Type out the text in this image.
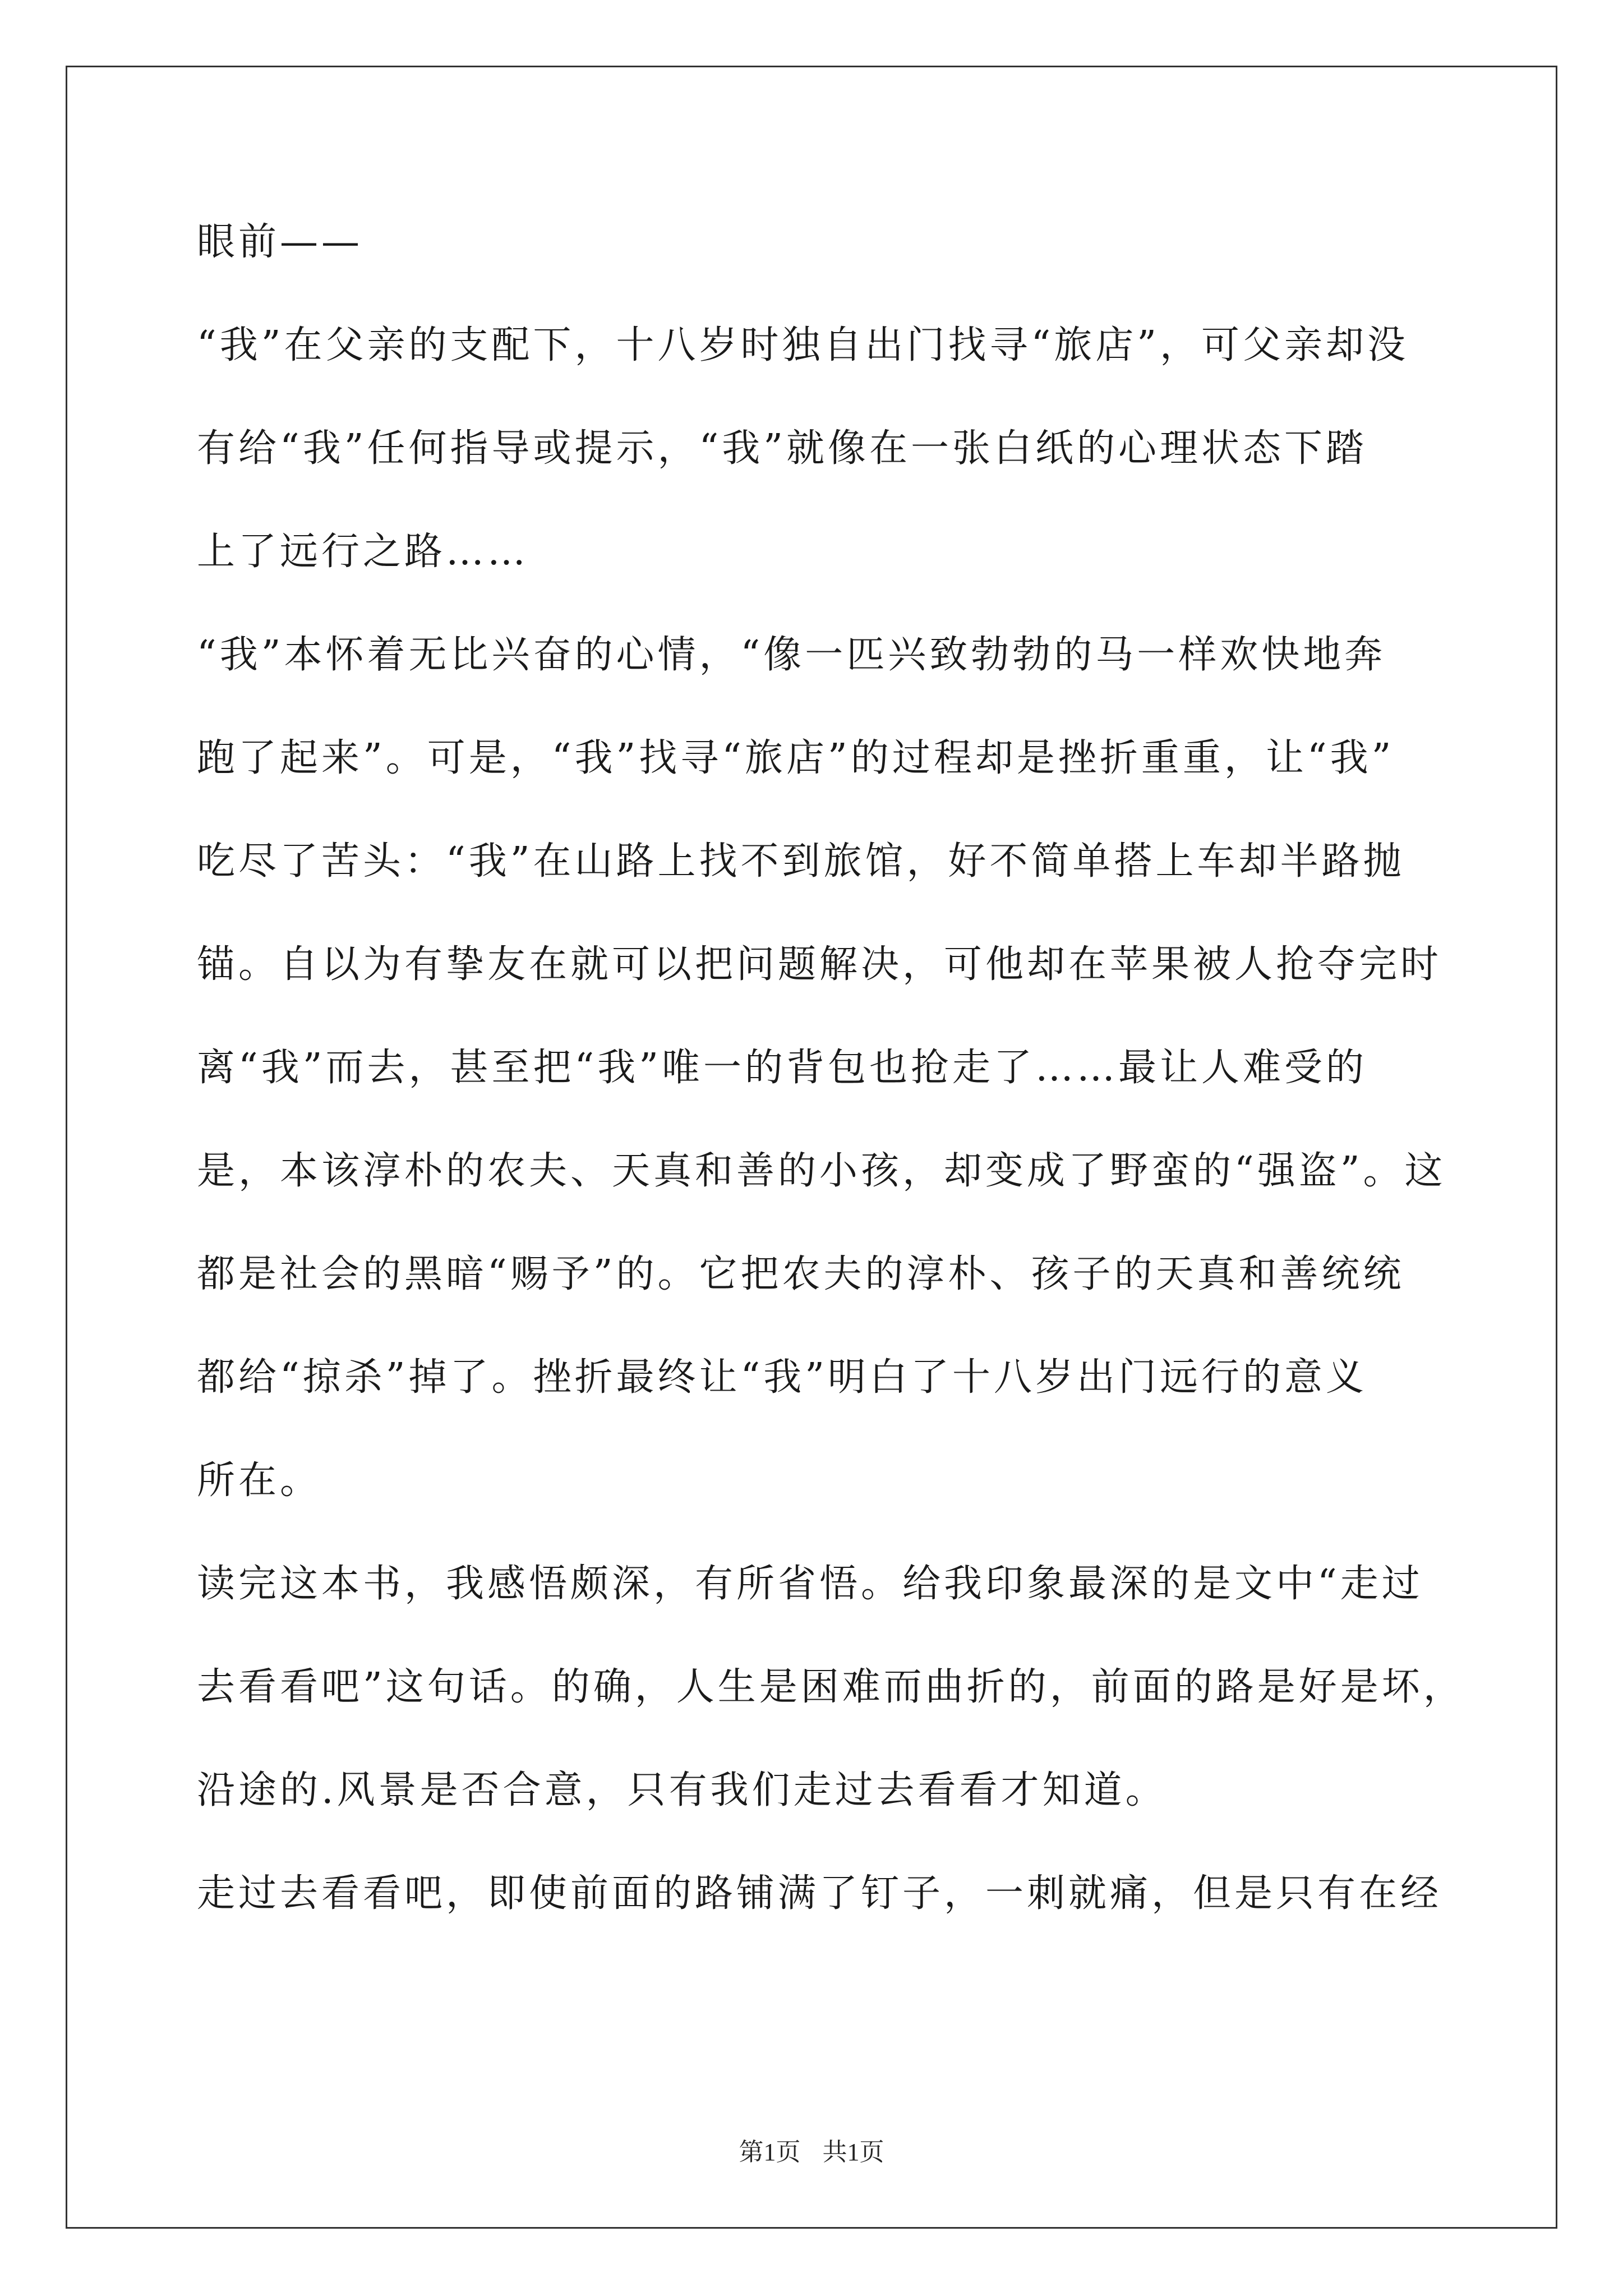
眼前——
“我”在父亲的支配下，十八岁时独自出门找寻“旅店”，可父亲却没
有给“我”任何指导或提示，“我”就像在一张白纸的心理状态下踏
上了远行之路……
“我”本怀着无比兴奋的心情，“像一匹兴致勃勃的马一样欢快地奔
跑了起来”。可是，“我”找寻“旅店”的过程却是挫折重重，让“我”
吃尽了苦头：“我”在山路上找不到旅馆，好不简单搭上车却半路抛
锚。自以为有挚友在就可以把问题解决，可他却在苹果被人抢夺完时
离“我”而去，甚至把“我”唯一的背包也抢走了……最让人难受的
是，本该淳朴的农夫、天真和善的小孩，却变成了野蛮的“强盗”。这
都是社会的黑暗“赐予”的。它把农夫的淳朴、孩子的天真和善统统
都给“掠杀”掉了。挫折最终让“我”明白了十八岁出门远行的意义
所在。
读完这本书，我感悟颇深，有所省悟。给我印象最深的是文中“走过
去看看吧”这句话。的确，人生是困难而曲折的，前面的路是好是坏，
沿途的.风景是否合意，只有我们走过去看看才知道。
走过去看看吧，即使前面的路铺满了钉子，一刺就痛，但是只有在经
第1页 共1页
